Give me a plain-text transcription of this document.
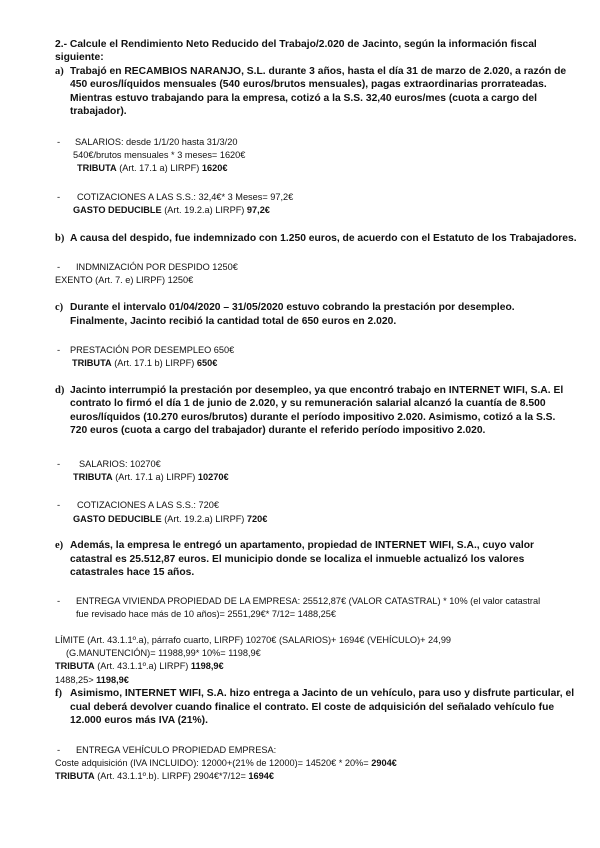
2.- Calcule el Rendimiento Neto Reducido del Trabajo/2.020 de Jacinto, según la información fiscal
siguiente:
a) Trabajó en RECAMBIOS NARANJO, S.L. durante 3 años, hasta el día 31 de marzo de 2.020, a razón de
450 euros/líquidos mensuales (540 euros/brutos mensuales), pagas extraordinarias prorrateadas.
Mientras estuvo trabajando para la empresa, cotizó a la S.S. 32,40 euros/mes (cuota a cargo del
trabajador).
- SALARIOS: desde 1/1/20 hasta 31/3/20
540€/brutos mensuales * 3 meses= 1620€
TRIBUTA (Art. 17.1 a) LIRPF) 1620€
- COTIZACIONES A LAS S.S.: 32,4€* 3 Meses= 97,2€
GASTO DEDUCIBLE (Art. 19.2.a) LIRPF) 97,2€
b) A causa del despido, fue indemnizado con 1.250 euros, de acuerdo con el Estatuto de los Trabajadores.
- INDMNIZACIÓN POR DESPIDO 1250€
EXENTO (Art. 7. e) LIRPF) 1250€
c) Durante el intervalo 01/04/2020 – 31/05/2020 estuvo cobrando la prestación por desempleo.
Finalmente, Jacinto recibió la cantidad total de 650 euros en 2.020.
- PRESTACIÓN POR DESEMPLEO 650€
TRIBUTA (Art. 17.1 b) LIRPF) 650€
d) Jacinto interrumpió la prestación por desempleo, ya que encontró trabajo en INTERNET WIFI, S.A. El
contrato lo firmó el día 1 de junio de 2.020, y su remuneración salarial alcanzó la cuantía de 8.500
euros/líquidos (10.270 euros/brutos) durante el período impositivo 2.020. Asimismo, cotizó a la S.S.
720 euros (cuota a cargo del trabajador) durante el referido período impositivo 2.020.
- SALARIOS: 10270€
TRIBUTA (Art. 17.1 a) LIRPF) 10270€
- COTIZACIONES A LAS S.S.: 720€
GASTO DEDUCIBLE (Art. 19.2.a) LIRPF) 720€
e) Además, la empresa le entregó un apartamento, propiedad de INTERNET WIFI, S.A., cuyo valor
catastral es 25.512,87 euros. El municipio donde se localiza el inmueble actualizó los valores
catastrales hace 15 años.
- ENTREGA VIVIENDA PROPIEDAD DE LA EMPRESA: 25512,87€ (VALOR CATASTRAL) * 10% (el valor catastral
fue revisado hace más de 10 años)= 2551,29€* 7/12= 1488,25€
LÍMITE (Art. 43.1.1º.a), párrafo cuarto, LIRPF) 10270€ (SALARIOS)+ 1694€ (VEHÍCULO)+ 24,99
(G.MANUTENCIÓN)= 11988,99* 10%= 1198,9€
TRIBUTA (Art. 43.1.1º.a) LIRPF) 1198,9€
1488,25> 1198,9€
f) Asimismo, INTERNET WIFI, S.A. hizo entrega a Jacinto de un vehículo, para uso y disfrute particular, el
cual deberá devolver cuando finalice el contrato. El coste de adquisición del señalado vehículo fue
12.000 euros más IVA (21%).
- ENTREGA VEHÍCULO PROPIEDAD EMPRESA:
Coste adquisición (IVA INCLUIDO): 12000+(21% de 12000)= 14520€ * 20%= 2904€
TRIBUTA (Art. 43.1.1º.b). LIRPF) 2904€*7/12= 1694€
